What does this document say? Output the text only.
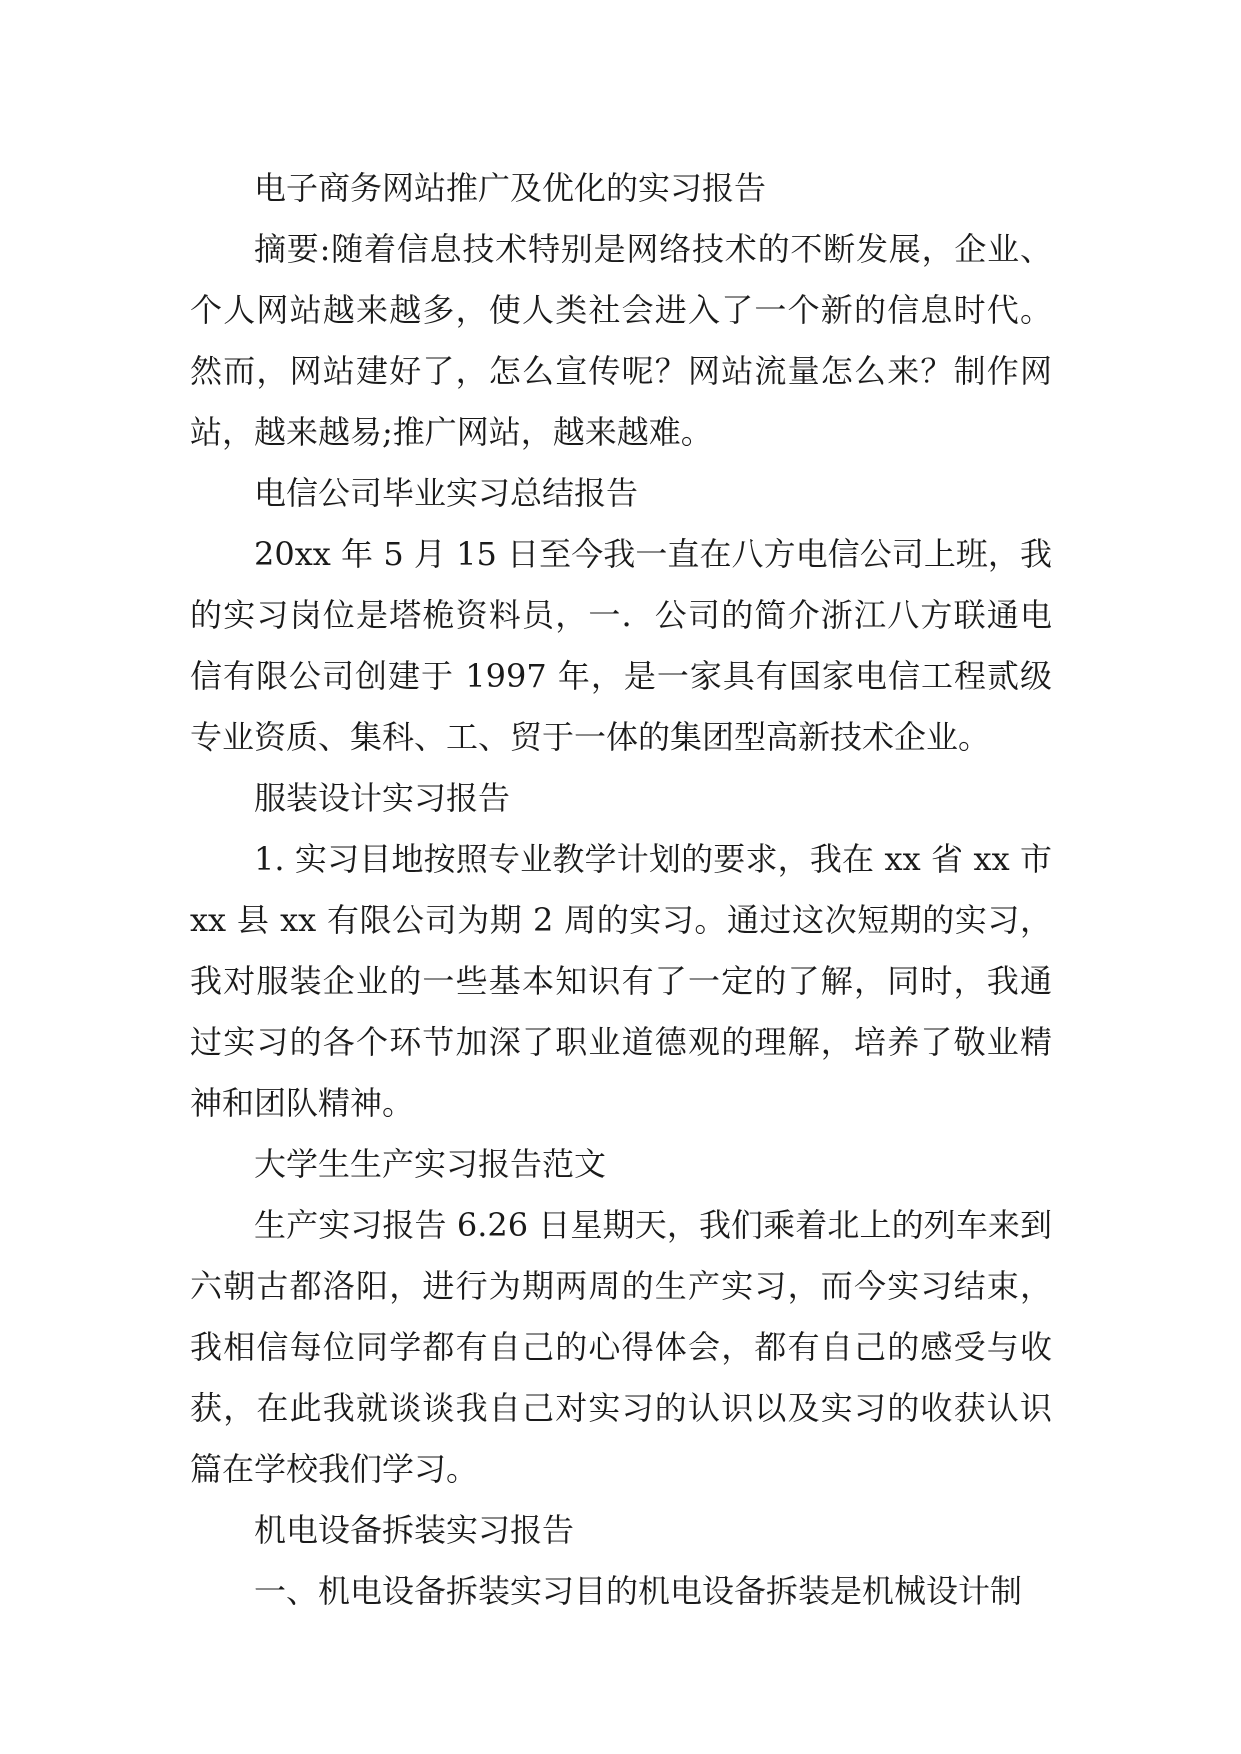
电子商务网站推广及优化的实习报告

摘要:随着信息技术特别是网络技术的不断发展，企业、个人网站越来越多，使人类社会进入了一个新的信息时代。然而，网站建好了，怎么宣传呢？网站流量怎么来？制作网站，越来越易;推广网站，越来越难。

电信公司毕业实习总结报告

20xx 年 5 月 15 日至今我一直在八方电信公司上班，我的实习岗位是塔桅资料员，一．公司的简介浙江八方联通电信有限公司创建于 1997 年，是一家具有国家电信工程贰级专业资质、集科、工、贸于一体的集团型高新技术企业。

服装设计实习报告

1. 实习目地按照专业教学计划的要求，我在 xx 省 xx 市 xx 县 xx 有限公司为期 2 周的实习。通过这次短期的实习，我对服装企业的一些基本知识有了一定的了解，同时，我通过实习的各个环节加深了职业道德观的理解，培养了敬业精神和团队精神。

大学生生产实习报告范文

生产实习报告 6.26 日星期天，我们乘着北上的列车来到六朝古都洛阳，进行为期两周的生产实习，而今实习结束，我相信每位同学都有自己的心得体会，都有自己的感受与收获，在此我就谈谈我自己对实习的认识以及实习的收获认识篇在学校我们学习。

机电设备拆装实习报告

一、机电设备拆装实习目的机电设备拆装是机械设计制
